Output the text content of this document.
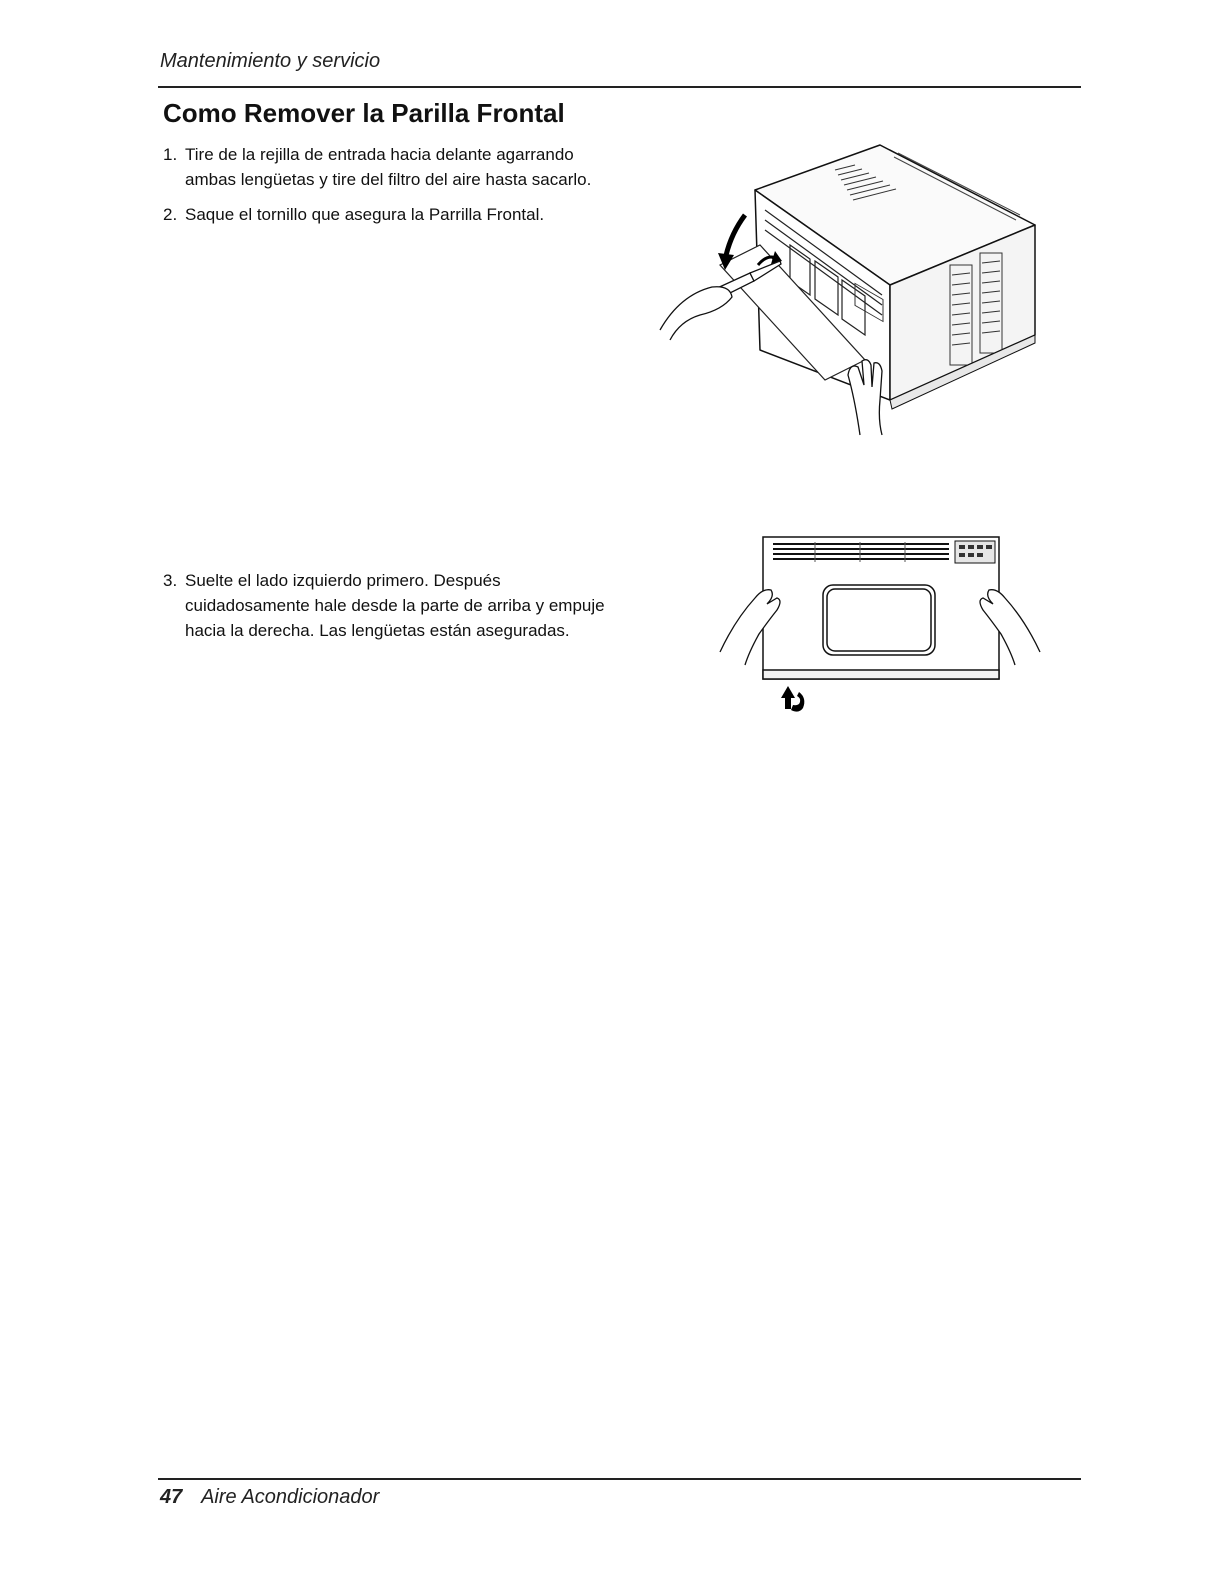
Mantenimiento y servicio
Como Remover la Parilla Frontal
1. Tire de la rejilla de entrada hacia delante agarrando ambas lengüetas y tire del filtro del aire hasta sacarlo.
2. Saque el tornillo que asegura la Parrilla Frontal.
3. Suelte el lado izquierdo primero. Después cuidadosamente hale desde la parte de arriba y empuje hacia la derecha. Las lengüetas están aseguradas.
47 Aire Acondicionador
